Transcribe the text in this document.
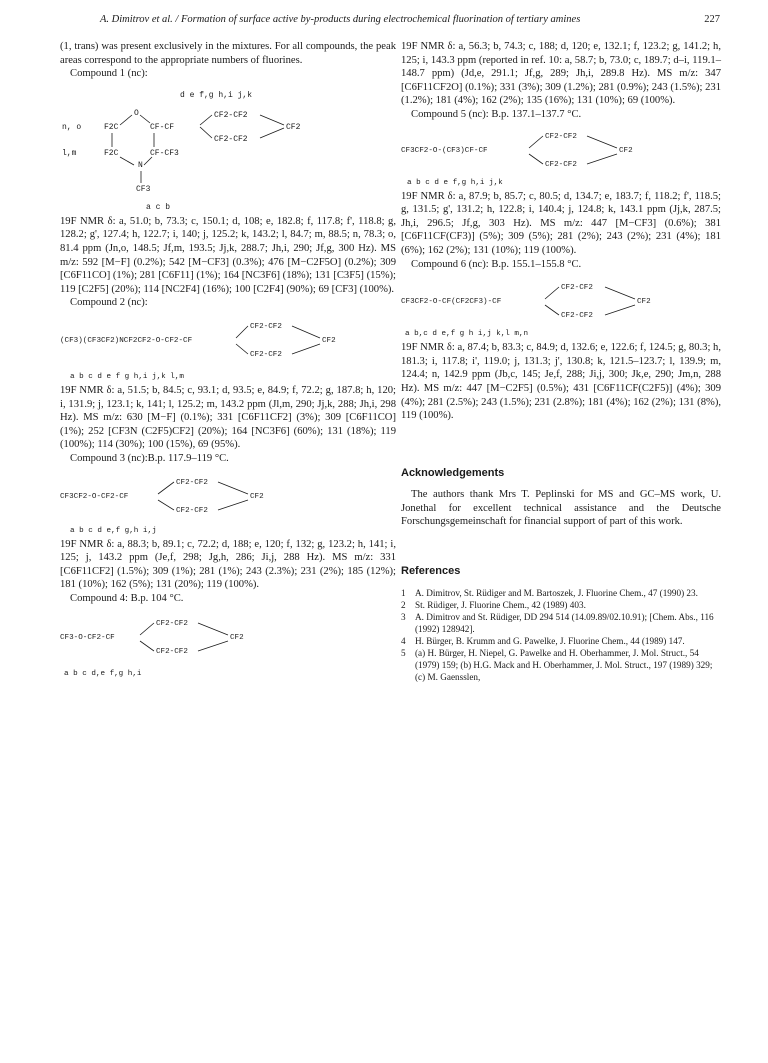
A. Dimitrov et al. / Formation of surface active by-products during electrochemical fluorination of tertiary amines	227

(1, trans) was present exclusively in the mixtures. For all compounds, the peak areas correspond to the appropriate numbers of fluorines.

Compound 1 (nc):

d e f,g h,i j,k
n, o
l,m
F2C
O
CF-CF
CF2-CF2
CF2
CF2-CF2
F2C
N
CF-CF3
CF3
a c b

19F NMR δ: a, 51.0; b, 73.3; c, 150.1; d, 108; e, 182.8; f, 117.8; f', 118.8; g, 128.2; g', 127.4; h, 122.7; i, 140; j, 125.2; k, 143.2; l, 84.7; m, 88.5; n, 78.3; o, 81.4 ppm (Jn,o, 148.5; Jf,m, 193.5; Jj,k, 288.7; Jh,i, 290; Jf,g, 300 Hz). MS m/z: 592 [M−F] (0.2%); 542 [M−CF3] (0.3%); 476 [M−C2F5O] (0.2%); 309 [C6F11CO] (1%); 281 [C6F11] (1%); 164 [NC3F6] (18%); 131 [C3F5] (15%); 119 [C2F5] (20%); 114 [NC2F4] (16%); 100 [C2F4] (90%); 69 [CF3] (100%).

Compound 2 (nc):

(CF3)(CF3CF2)NCF2CF2-O-CF2-CF
CF2-CF2
CF2-CF2
CF2
a b c d e f g h,i j,k l,m

19F NMR δ: a, 51.5; b, 84.5; c, 93.1; d, 93.5; e, 84.9; f, 72.2; g, 187.8; h, 120; i, 131.9; j, 123.1; k, 141; l, 125.2; m, 143.2 ppm (Jl,m, 290; Jj,k, 288; Jh,i, 298 Hz). MS m/z: 630 [M−F] (0.1%); 331 [C6F11CF2] (3%); 309 [C6F11CO] (1%); 252 [CF3N (C2F5)CF2] (20%); 164 [NC3F6] (60%); 131 (18%); 119 (100%); 114 (30%); 100 (15%), 69 (95%).

Compound 3 (nc):B.p. 117.9–119 °C.

CF3CF2-O-CF2-CF
CF2-CF2
CF2-CF2
CF2
a b c d e,f g,h i,j

19F NMR δ: a, 88.3; b, 89.1; c, 72.2; d, 188; e, 120; f, 132; g, 123.2; h, 141; i, 125; j, 143.2 ppm (Je,f, 298; Jg,h, 286; Ji,j, 288 Hz). MS m/z: 331 [C6F11CF2] (1.5%); 309 (1%); 281 (1%); 243 (2.3%); 231 (2%); 185 (12%); 181 (10%); 162 (5%); 131 (20%); 119 (100%).

Compound 4: B.p. 104 °C.

CF3-O-CF2-CF
CF2-CF2
CF2-CF2
CF2
a b c d,e f,g h,i

19F NMR δ: a, 56.3; b, 74.3; c, 188; d, 120; e, 132.1; f, 123.2; g, 141.2; h, 125; i, 143.3 ppm (reported in ref. 10: a, 58.7; b, 73.0; c, 189.7; d–i, 119.1–148.7 ppm) (Jd,e, 291.1; Jf,g, 289; Jh,i, 289.8 Hz). MS m/z: 347 [C6F11CF2O] (0.1%); 331 (3%); 309 (1.2%); 281 (0.9%); 243 (1.5%); 231 (1.2%); 181 (4%); 162 (2%); 135 (16%); 131 (10%); 69 (100%).

Compound 5 (nc): B.p. 137.1–137.7 °C.

CF3CF2-O-(CF3)CF-CF
CF2-CF2
CF2-CF2
CF2
a b c d e f,g h,i j,k

19F NMR δ: a, 87.9; b, 85.7; c, 80.5; d, 134.7; e, 183.7; f, 118.2; f', 118.5; g, 131.5; g', 131.2; h, 122.8; i, 140.4; j, 124.8; k, 143.1 ppm (Jj,k, 287.5; Jh,i, 296.5; Jf,g, 303 Hz). MS m/z: 447 [M−CF3] (0.6%); 381 [C6F11CF(CF3)] (5%); 309 (5%); 281 (2%); 243 (2%); 231 (4%); 181 (6%); 162 (2%); 131 (10%); 119 (100%).

Compound 6 (nc): B.p. 155.1–155.8 °C.

CF3CF2-O-CF(CF2CF3)-CF
CF2-CF2
CF2-CF2
CF2
a b,c d e,f g h i,j k,l m,n

19F NMR δ: a, 87.4; b, 83.3; c, 84.9; d, 132.6; e, 122.6; f, 124.5; g, 80.3; h, 181.3; i, 117.8; i', 119.0; j, 131.3; j', 130.8; k, 121.5–123.7; l, 139.9; m, 124.4; n, 142.9 ppm (Jb,c, 145; Je,f, 288; Ji,j, 300; Jk,e, 290; Jm,n, 288 Hz). MS m/z: 447 [M−C2F5] (0.5%); 431 [C6F11CF(C2F5)] (4%); 309 (4%); 281 (2.5%); 243 (1.5%); 231 (2.8%); 181 (4%); 162 (2%); 131 (8%), 119 (100%).

Acknowledgements

The authors thank Mrs T. Peplinski for MS and GC–MS work, U. Jonethal for excellent technical assistance and the Deutsche Forschungsgemeinschaft for financial support of part of this work.

References
1 A. Dimitrov, St. Rüdiger and M. Bartoszek, J. Fluorine Chem., 47 (1990) 23.
2 St. Rüdiger, J. Fluorine Chem., 42 (1989) 403.
3 A. Dimitrov and St. Rüdiger, DD 294 514 (14.09.89/02.10.91); [Chem. Abs., 116 (1992) 128942].
4 H. Bürger, B. Krumm and G. Pawelke, J. Fluorine Chem., 44 (1989) 147.
5 (a) H. Bürger, H. Niepel, G. Pawelke and H. Oberhammer, J. Mol. Struct., 54 (1979) 159; (b) H.G. Mack and H. Oberhammer, J. Mol. Struct., 197 (1989) 329; (c) M. Gaensslen,
